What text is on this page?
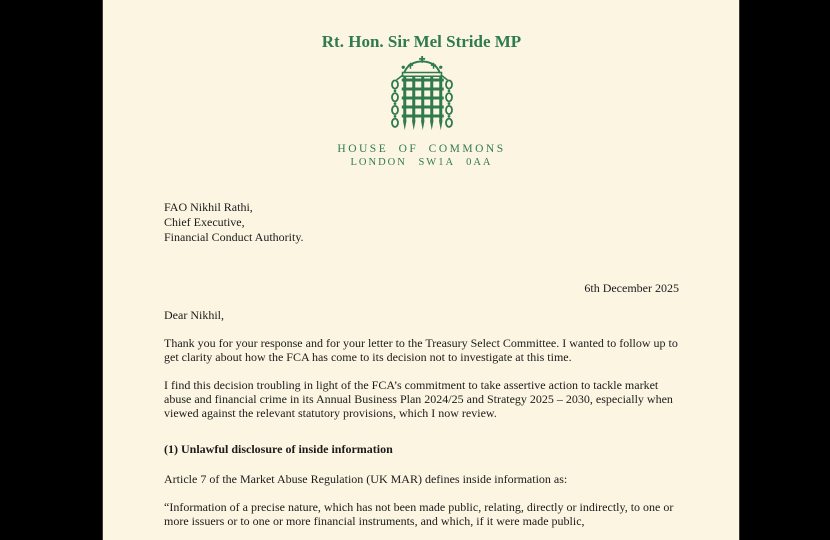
Rt. Hon. Sir Mel Stride MP
HOUSE OF COMMONS
LONDON SW1A 0AA
FAO Nikhil Rathi,
Chief Executive,
Financial Conduct Authority.
6th December 2025
Dear Nikhil,
Thank you for your response and for your letter to the Treasury Select Committee. I wanted to follow up to get clarity about how the FCA has come to its decision not to investigate at this time.
I find this decision troubling in light of the FCA’s commitment to take assertive action to tackle market abuse and financial crime in its Annual Business Plan 2024/25 and Strategy 2025 – 2030, especially when viewed against the relevant statutory provisions, which I now review.
(1) Unlawful disclosure of inside information
Article 7 of the Market Abuse Regulation (UK MAR) defines inside information as:
“Information of a precise nature, which has not been made public, relating, directly or indirectly, to one or more issuers or to one or more financial instruments, and which, if it were made public,
